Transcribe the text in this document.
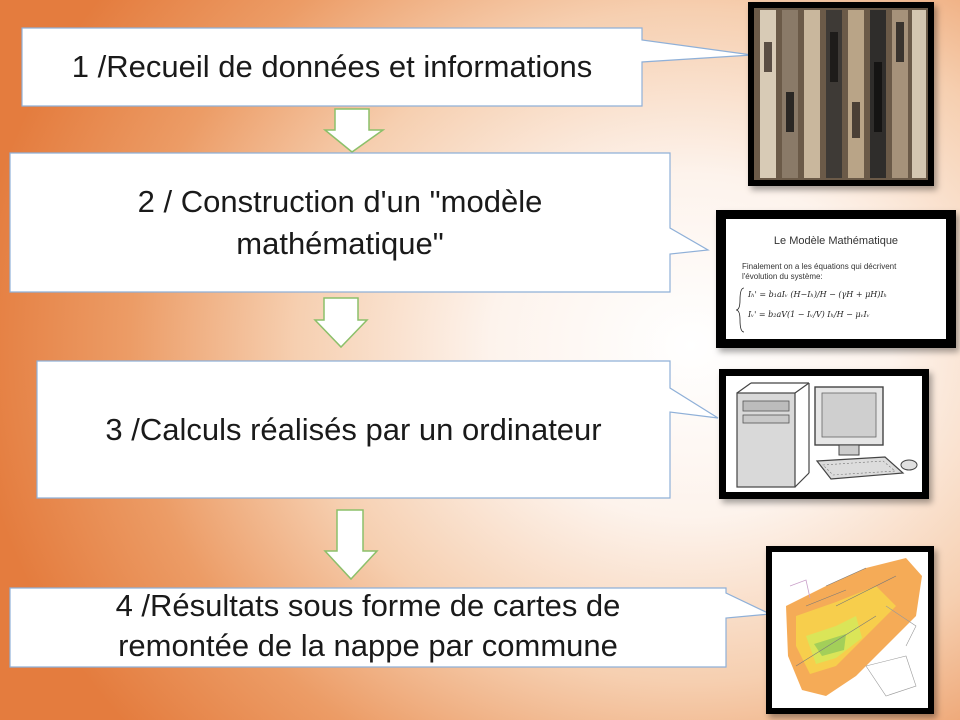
1 /Recueil de données et informations
2 / Construction d'un "modèle mathématique"
3 /Calculs réalisés par un ordinateur
4 /Résultats sous forme de cartes de remontée de la nappe par commune
Le Modèle Mathématique
Finalement on a les équations qui décrivent
l'évolution du système:
Iₕ' = b₁aIᵥ (H−Iₕ)/H − (γH + μH)Iₕ
Iᵥ' = b₂aV(1 − Iᵥ/V) Iₕ/H − μᵥIᵥ
